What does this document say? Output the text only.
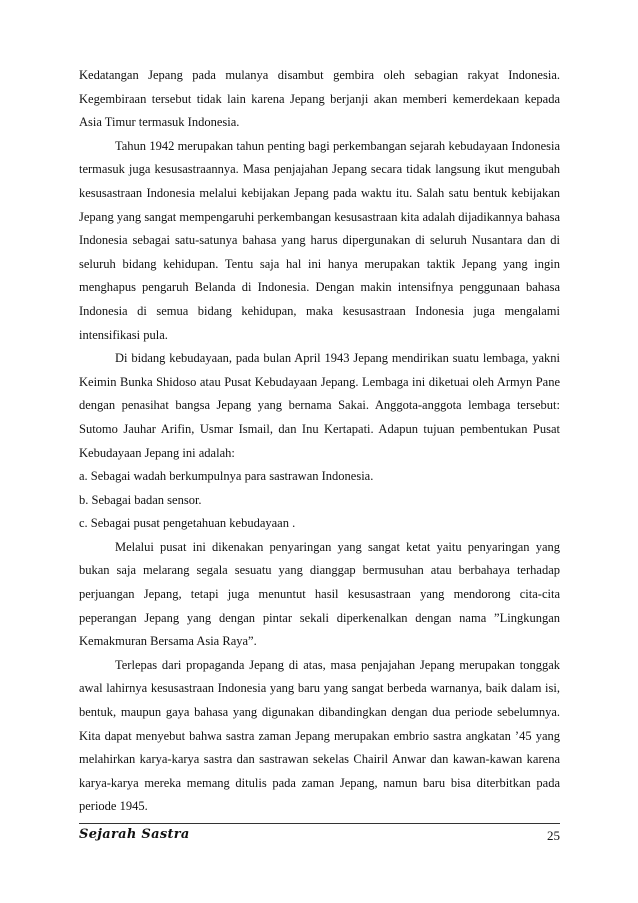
Kedatangan Jepang pada mulanya disambut gembira oleh sebagian rakyat Indonesia. Kegembiraan tersebut tidak lain karena Jepang berjanji akan memberi kemerdekaan kepada Asia Timur termasuk Indonesia.

Tahun 1942 merupakan tahun penting bagi perkembangan sejarah kebudayaan Indonesia termasuk juga kesusastraannya. Masa penjajahan Jepang secara tidak langsung ikut mengubah kesusastraan Indonesia melalui kebijakan Jepang pada waktu itu. Salah satu bentuk kebijakan Jepang yang sangat mempengaruhi perkembangan kesusastraan kita adalah dijadikannya bahasa Indonesia sebagai satu-satunya bahasa yang harus dipergunakan di seluruh Nusantara dan di seluruh bidang kehidupan. Tentu saja hal ini hanya merupakan taktik Jepang yang ingin menghapus pengaruh Belanda di Indonesia. Dengan makin intensifnya penggunaan bahasa Indonesia di semua bidang kehidupan, maka kesusastraan Indonesia juga mengalami intensifikasi pula.

Di bidang kebudayaan, pada bulan April 1943 Jepang mendirikan suatu lembaga, yakni Keimin Bunka Shidoso atau Pusat Kebudayaan Jepang. Lembaga ini diketuai oleh Armyn Pane dengan penasihat bangsa Jepang yang bernama Sakai. Anggota-anggota lembaga tersebut: Sutomo Jauhar Arifin, Usmar Ismail, dan Inu Kertapati. Adapun tujuan pembentukan Pusat Kebudayaan Jepang ini adalah:

a. Sebagai wadah berkumpulnya para sastrawan Indonesia.

b. Sebagai badan sensor.

c. Sebagai pusat pengetahuan kebudayaan .

Melalui pusat ini dikenakan penyaringan yang sangat ketat yaitu penyaringan yang bukan saja melarang segala sesuatu yang dianggap bermusuhan atau berbahaya terhadap perjuangan Jepang, tetapi juga menuntut hasil kesusastraan yang mendorong cita-cita peperangan Jepang yang dengan pintar sekali diperkenalkan dengan nama ”Lingkungan Kemakmuran Bersama Asia Raya”.

Terlepas dari propaganda Jepang di atas, masa penjajahan Jepang merupakan tonggak awal lahirnya kesusastraan Indonesia yang baru yang sangat berbeda warnanya, baik dalam isi, bentuk, maupun gaya bahasa yang digunakan dibandingkan dengan dua periode sebelumnya. Kita dapat menyebut bahwa sastra zaman Jepang merupakan embrio sastra angkatan ’45 yang melahirkan karya-karya sastra dan sastrawan sekelas Chairil Anwar dan kawan-kawan karena karya-karya mereka memang ditulis pada zaman Jepang, namun baru bisa diterbitkan pada periode 1945.

Sejarah Sastra	25
